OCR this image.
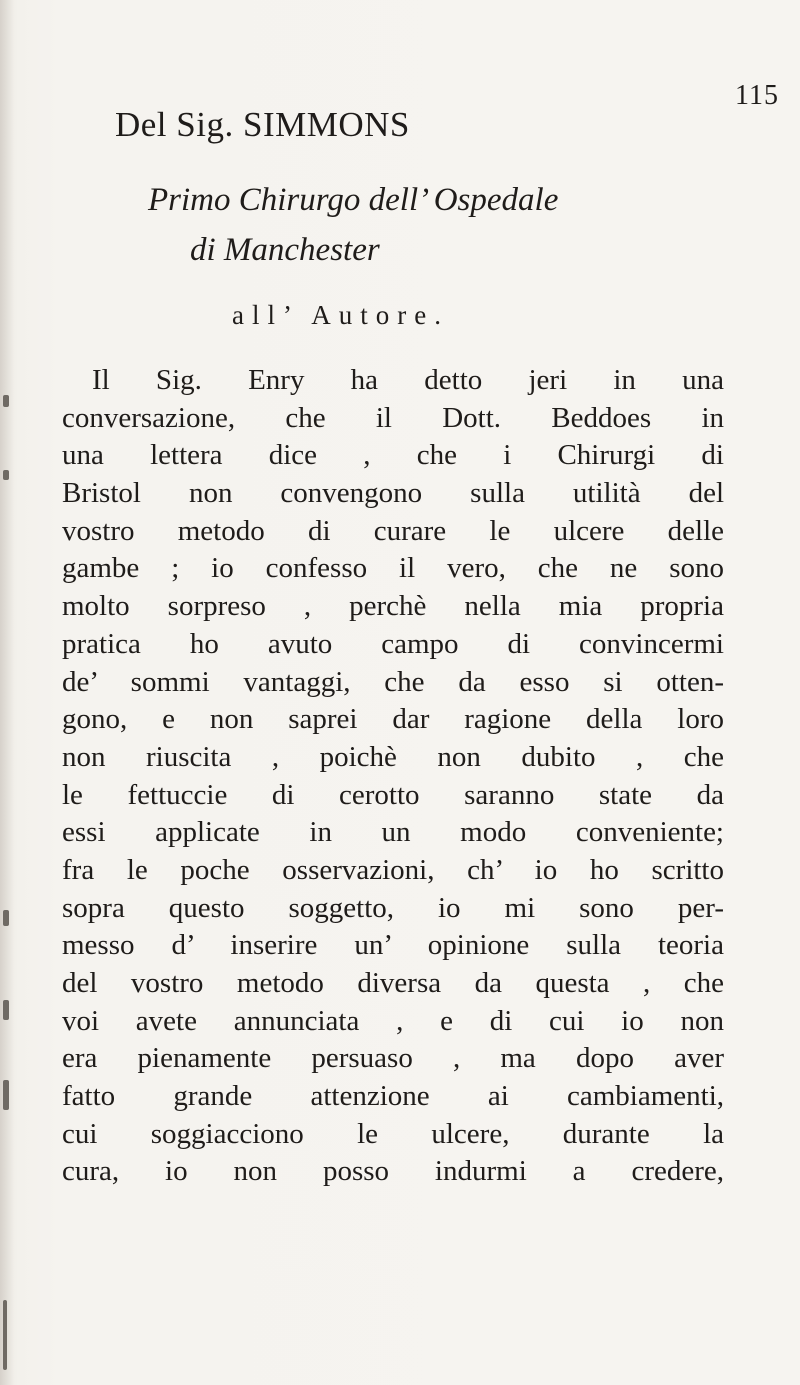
115
Del Sig. SIMMONS
Primo Chirurgo dell’ Ospedale
di Manchester
all’ Autore.
Il Sig. Enry ha detto jeri in una
conversazione, che il Dott. Beddoes in
una lettera dice , che i Chirurgi di
Bristol non convengono sulla utilità del
vostro metodo di curare le ulcere delle
gambe ; io confesso il vero, che ne sono
molto sorpreso , perchè nella mia propria
pratica ho avuto campo di convincermi
de’ sommi vantaggi, che da esso si otten-
gono, e non saprei dar ragione della loro
non riuscita , poichè non dubito , che
le fettuccie di cerotto saranno state da
essi applicate in un modo conveniente;
fra le poche osservazioni, ch’ io ho scritto
sopra questo soggetto, io mi sono per-
messo d’ inserire un’ opinione sulla teoria
del vostro metodo diversa da questa , che
voi avete annunciata , e di cui io non
era pienamente persuaso , ma dopo aver
fatto grande attenzione ai cambiamenti,
cui soggiacciono le ulcere, durante la
cura, io non posso indurmi a credere,
